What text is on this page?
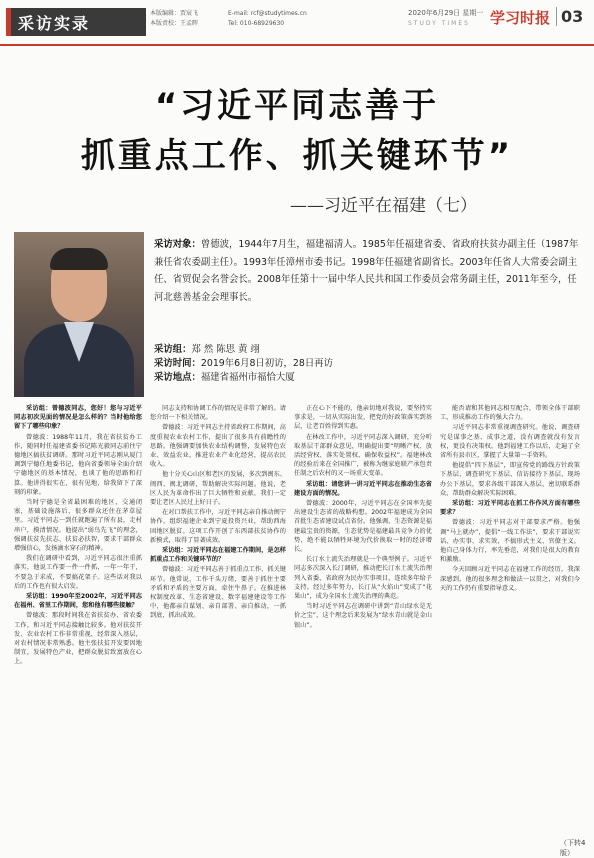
采访实录
本版编辑：贾宸飞
本版责校：王孟晖
E-mail: rcf@studytimes.cn
Tel: 010-68929630
2020年6月29日 星期一
STUDY TIMES 学习时报 03
“习近平同志善于
抓重点工作、抓关键环节”
——习近平在福建（七）
采访对象：曾德波，1944年7月生，福建福清人。1985年任福建省委、省政府扶贫办副主任（1987年兼任省农委副主任）。1993年任漳州市委书记。1998年任福建省副省长。2003年任省人大常委会副主任、省贸促会名誉会长。2008年任第十一届中华人民共和国工作委员会常务副主任，2011年至今，任河北慈善基金会理事长。
采访组：郑 然 陈思 黄 翊
采访时间：2019年6月8日初访，28日再访
采访地点：福建省福州市福恰大厦

采访组：曾德波同志，您好！您与习近平同志初次见面的情况是怎么样的？当时他给您留下了哪些印象？

曾德波：1988年11月，我在省扶贫办工作，随同时任福建省委书记陈光毅同志前往宁德地区搞扶贫调研。那时习近平同志刚从厦门调到宁德任地委书记，他向省委领导全面介绍宁德地区的基本情况，也谈了他的思路和打算。他讲得很实在，很有见地，给我留下了深刻的印象。

当时宁德是全省最困难的地区，交通闭塞，基础设施落后，很多群众还住在茅草屋里。习近平同志一到任就跑遍了所有县，走村串户，摸清情况。他提出“弱鸟先飞”的理念，强调扶贫先扶志、扶贫必扶智，要求干部群众增强信心，发扬滴水穿石的精神。

我们在调研中看到，习近平同志很注重抓落实，他说工作要一件一件抓，一年一年干，不要急于求成，不要搞花架子。这些话对我以后的工作也有很大启发。

采访组：1990年至2002年，习近平同志在福州、省里工作期间，您和他有哪些接触？

曾德波：那段时间我在省扶贫办、省农委工作，和习近平同志接触比较多。他对扶贫开发、农业农村工作非常重视，经常深入基层，对农村情况非常熟悉。他主张扶贫开发要因地制宜，发展特色产业，把群众脱贫致富放在心上。

同志支持和协调工作的情况是非常了解的。请您介绍一下相关情况。

曾德波：习近平同志主持省政府工作期间，高度重视农业农村工作，提出了很多具有前瞻性的思路。他强调要加快农业结构调整，发展特色农业、效益农业，推进农业产业化经营，提高农民收入。

他十分关心山区和老区的发展，多次到闽东、闽西、闽北调研，帮助解决实际问题。他说，老区人民为革命作出了巨大牺牲和贡献，我们一定要让老区人民过上好日子。

在对口帮扶工作中，习近平同志亲自推动闽宁协作，组织福建企业到宁夏投资兴业，帮助西海固地区脱贫。这项工作开创了东西部扶贫协作的新模式，取得了显著成效。

采访组：习近平同志在福建工作期间，是怎样抓重点工作和关键环节的？

曾德波：习近平同志善于抓重点工作、抓关键环节。他常说，工作千头万绪，要善于抓住主要矛盾和矛盾的主要方面，牵住牛鼻子。在推进林权制度改革、生态省建设、数字福建建设等工作中，他都亲自谋划、亲自部署、亲自推动，一抓到底，抓出成效。

正在心下不能的，他亲切地对我说，要坚持实事求是，一切从实际出发，把党的好政策落实到基层，让老百姓得到实惠。

在林改工作中，习近平同志深入调研，充分听取基层干部群众意见，明确提出要“明晰产权、放活经营权、落实处置权、确保收益权”。福建林改的经验后来在全国推广，被称为继家庭联产承包责任制之后农村的又一场重大变革。

采访组：请您讲一讲习近平同志在推动生态省建设方面的情况。

曾德波：2000年，习近平同志在全国率先提出建设生态省的战略构想。2002年福建成为全国首批生态省建设试点省份。他强调，生态资源是福建最宝贵的资源，生态优势是福建最具竞争力的优势，绝不能以牺牲环境为代价换取一时的经济增长。

长汀水土流失治理就是一个典型例子。习近平同志多次深入长汀调研，推动把长汀水土流失治理列入省委、省政府为民办实事项目，连续多年给予支持。经过多年努力，长汀从“火焰山”变成了“花果山”，成为全国水土流失治理的典范。

当时习近平同志在调研中讲到“青山绿水是无价之宝”，这个理念后来发展为“绿水青山就是金山银山”。

能否请和其他同志相互配合，带领全体干部职工，形成推动工作的强大合力。

习近平同志非常重视调查研究。他说，调查研究是谋事之基、成事之道，没有调查就没有发言权，更没有决策权。他到福建工作以后，走遍了全省所有县市区，掌握了大量第一手资料。

他提倡“四下基层”，即宣传党的路线方针政策下基层、调查研究下基层、信访接待下基层、现场办公下基层，要求各级干部深入基层，密切联系群众，帮助群众解决实际困难。

采访组：习近平同志在抓工作作风方面有哪些要求？

曾德波：习近平同志对干部要求严格。他强调“马上就办”，提倡“一线工作法”，要求干部说实话、办实事、求实效，不搞形式主义、官僚主义。他自己身体力行，率先垂范，对我们是很大的教育和激励。

今天回顾习近平同志在福建工作的经历，我深深感到，他的很多理念和做法一以贯之，对我们今天的工作仍有重要指导意义。

（下转4版）
